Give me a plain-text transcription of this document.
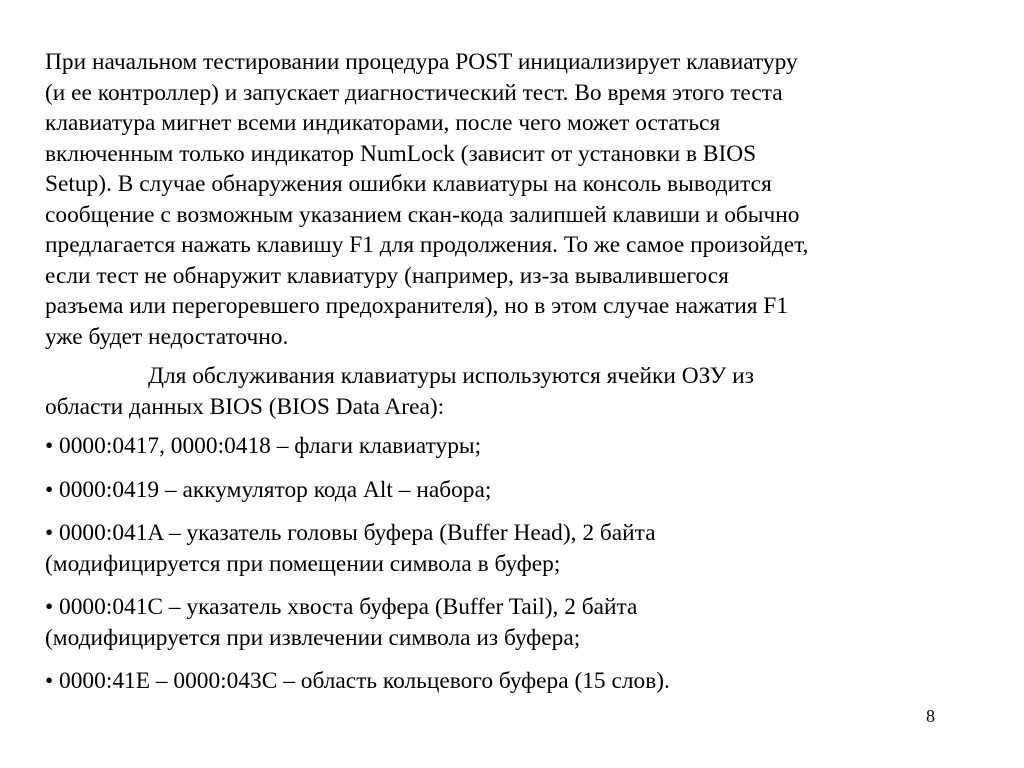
При начальном тестировании процедура POST инициализирует клавиатуру
(и ее контроллер) и запускает диагностический тест. Во время этого теста
клавиатура мигнет всеми индикаторами, после чего может остаться
включенным только индикатор NumLock (зависит от установки в BIOS
Setup). В случае обнаружения ошибки клавиатуры на консоль выводится
сообщение с возможным указанием скан-кода залипшей клавиши и обычно
предлагается нажать клавишу F1 для продолжения. То же самое произойдет,
если тест не обнаружит клавиатуру (например, из-за вывалившегося
разъема или перегоревшего предохранителя), но в этом случае нажатия F1
уже будет недостаточно.

Для обслуживания клавиатуры используются ячейки ОЗУ из
области данных BIOS (BIOS Data Area):

• 0000:0417, 0000:0418 – флаги клавиатуры;

• 0000:0419 – аккумулятор кода Alt – набора;

• 0000:041A – указатель головы буфера (Buffer Head), 2 байта
(модифицируется при помещении символа в буфер;

• 0000:041C – указатель хвоста буфера (Buffer Tail), 2 байта
(модифицируется при извлечении символа из буфера;

• 0000:41E – 0000:043C – область кольцевого буфера (15 слов).

8
